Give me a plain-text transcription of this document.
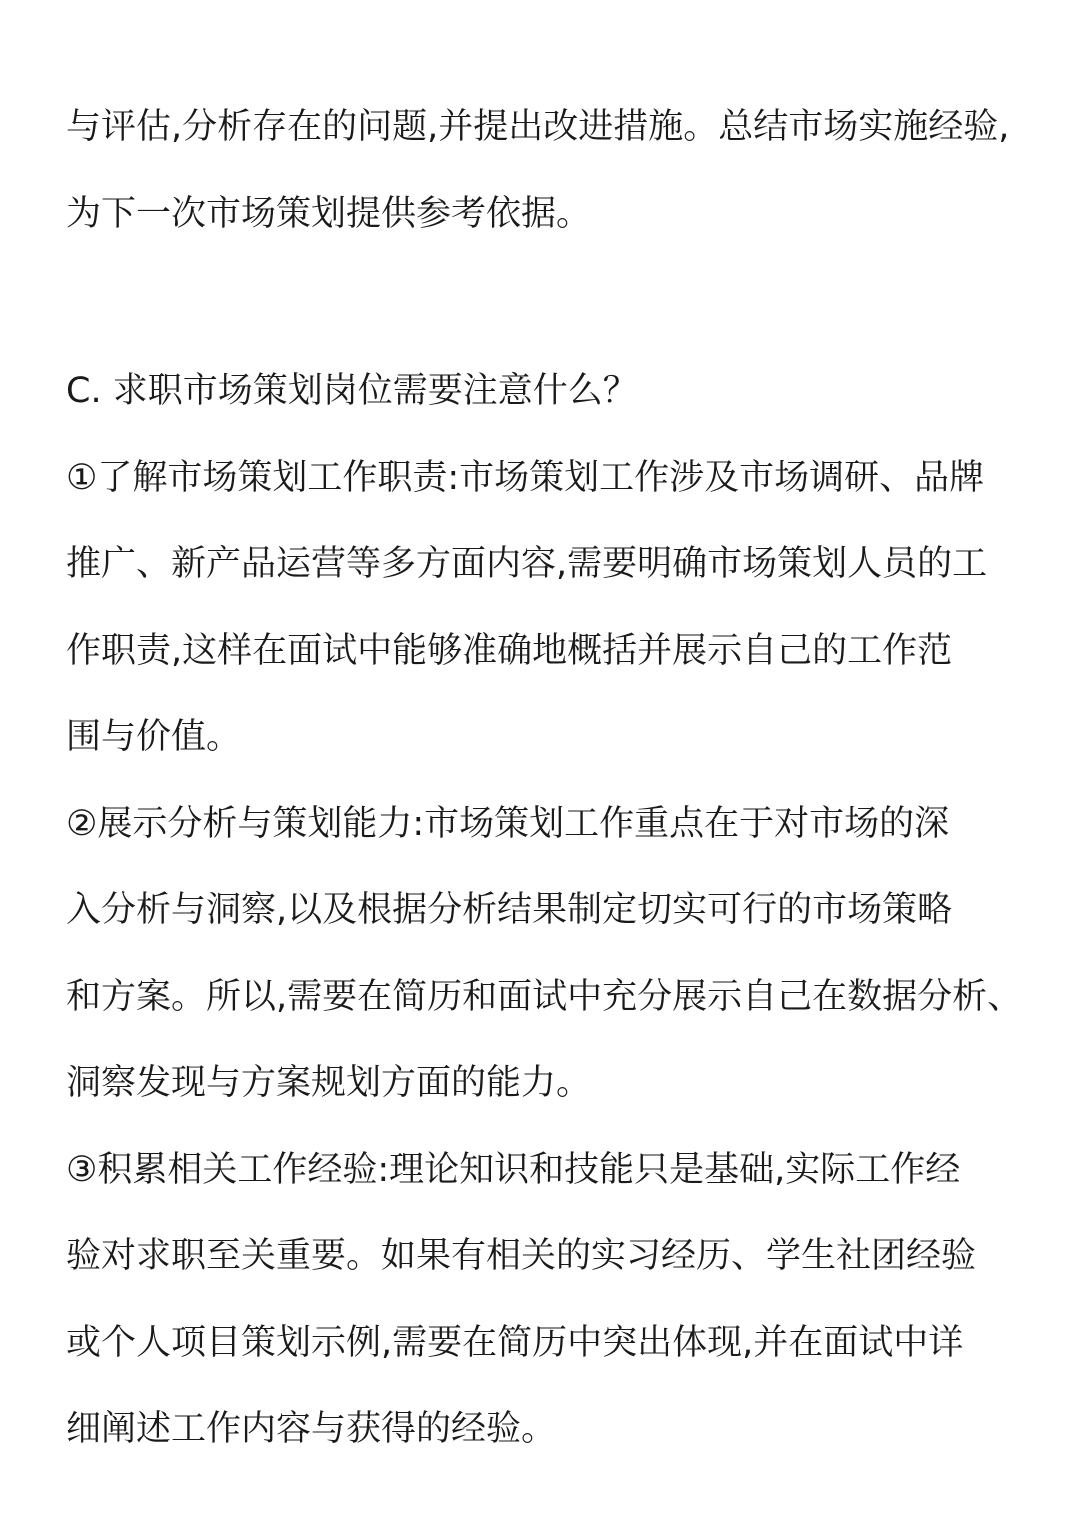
与评估,分析存在的问题,并提出改进措施。总结市场实施经验,
为下一次市场策划提供参考依据。

C. 求职市场策划岗位需要注意什么？

①了解市场策划工作职责:市场策划工作涉及市场调研、品牌
推广、新产品运营等多方面内容,需要明确市场策划人员的工
作职责,这样在面试中能够准确地概括并展示自己的工作范
围与价值。

②展示分析与策划能力:市场策划工作重点在于对市场的深
入分析与洞察,以及根据分析结果制定切实可行的市场策略
和方案。所以,需要在简历和面试中充分展示自己在数据分析、
洞察发现与方案规划方面的能力。

③积累相关工作经验:理论知识和技能只是基础,实际工作经
验对求职至关重要。如果有相关的实习经历、学生社团经验
或个人项目策划示例,需要在简历中突出体现,并在面试中详
细阐述工作内容与获得的经验。
